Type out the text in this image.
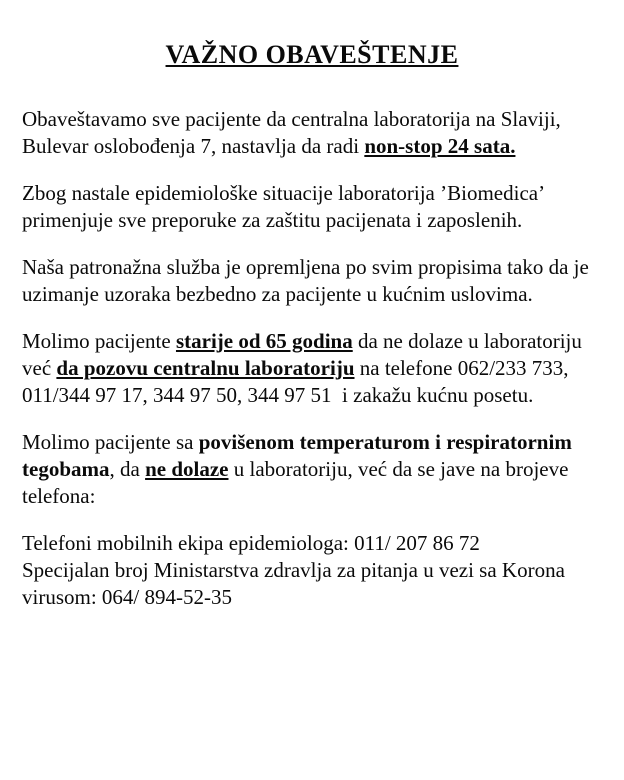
VAŽNO OBAVEŠTENJE

Obaveštavamo sve pacijente da centralna laboratorija na Slaviji, Bulevar oslobođenja 7, nastavlja da radi non-stop 24 sata.

Zbog nastale epidemiološke situacije laboratorija ’Biomedica’ primenjuje sve preporuke za zaštitu pacijenata i zaposlenih.

Naša patronažna služba je opremljena po svim propisima tako da je uzimanje uzoraka bezbedno za pacijente u kućnim uslovima.

Molimo pacijente starije od 65 godina da ne dolaze u laboratoriju već da pozovu centralnu laboratoriju na telefone 062/233 733, 011/344 97 17, 344 97 50, 344 97 51  i zakažu kućnu posetu.

Molimo pacijente sa povišenom temperaturom i respiratornim tegobama, da ne dolaze u laboratoriju, već da se jave na brojeve telefona:

Telefoni mobilnih ekipa epidemiologa: 011/ 207 86 72
Specijalan broj Ministarstva zdravlja za pitanja u vezi sa Korona virusom: 064/ 894-52-35
